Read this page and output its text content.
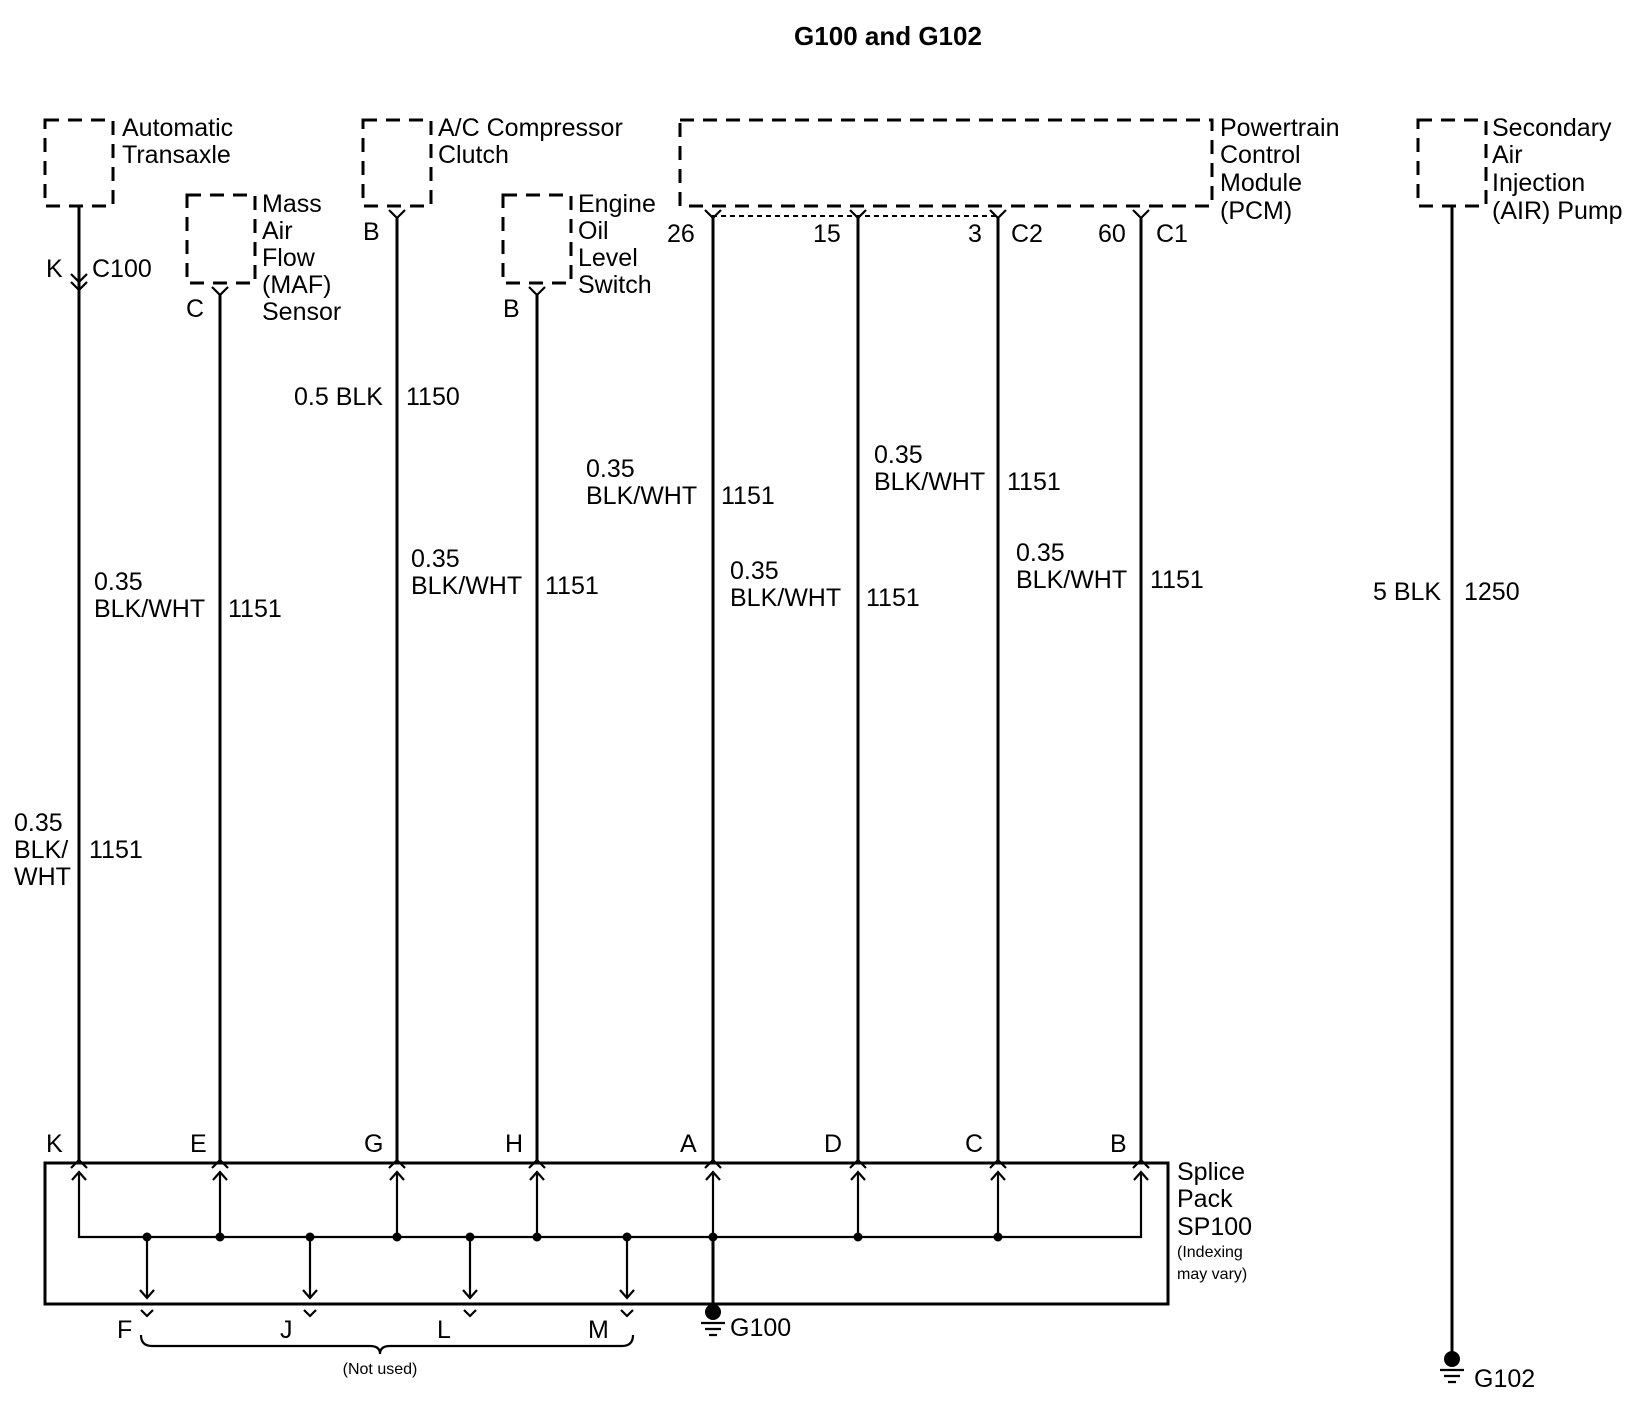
G100 and G102
Automatic
Transaxle
K C100
0.35
BLK/
WHT
1151
Mass
Air
Flow
(MAF)
Sensor
C
0.35
BLK/WHT 1151
A/C Compressor
Clutch
B
0.5 BLK 1150
Engine
Oil
Level
Switch
B
0.35
BLK/WHT 1151
Powertrain
Control
Module
(PCM)
26
0.35
BLK/WHT 1151
15
0.35
BLK/WHT 1151
3 C2
0.35
BLK/WHT 1151
60 C1
0.35
BLK/WHT 1151
Secondary
Air
Injection
(AIR) Pump
5 BLK 1250
G102
K	E	G	H	A	D	C	B
Splice
Pack
SP100
(Indexing
may vary)
F	J	L	M
(Not used)
G100
